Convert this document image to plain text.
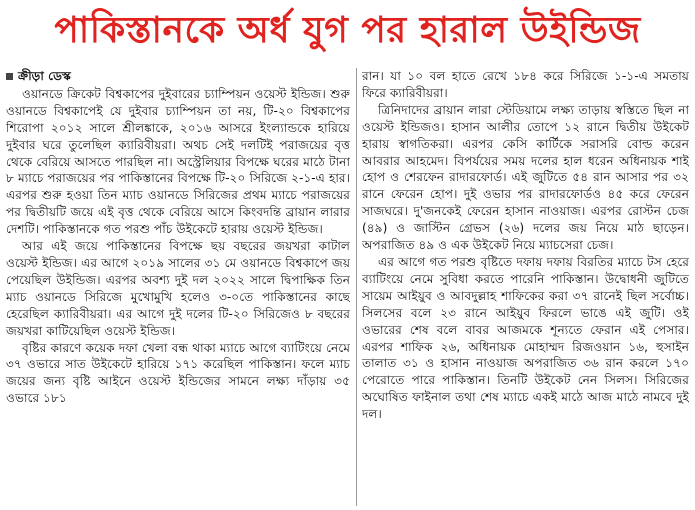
পাকিস্তানকে অর্ধ যুগ পর হারাল উইন্ডিজ
ক্রীড়া ডেস্ক

ওয়ানডে ক্রিকেট বিশ্বকাপের দুইবারের চ্যাম্পিয়ন ওয়েস্ট ইন্ডিজ। শুরু ওয়ানডে বিশ্বকাপেই যে দুইবার চ্যাম্পিয়ন তা নয়, টি-২০ বিশ্বকাপের শিরোপা ২০১২ সালে শ্রীলঙ্কাকে, ২০১৬ আসরে ইংল্যান্ডকে হারিয়ে দুইবার ঘরে তুলেছিল ক্যারিবীয়রা। অথচ সেই দলটিই পরাজয়ের বৃত্ত থেকে বেরিয়ে আসতে পারছিল না। অস্ট্রেলিয়ার বিপক্ষে ঘরের মাঠে টানা ৮ ম্যাচে পরাজয়ের পর পাকিস্তানের বিপক্ষে টি-২০ সিরিজে ২-১-এ হার। এরপর শুরু হওয়া তিন ম্যাচ ওয়ানডে সিরিজের প্রথম ম্যাচে পরাজয়ের পর দ্বিতীয়টি জয়ে এই বৃত্ত থেকে বেরিয়ে আসে কিংবদন্তি ব্রায়ান লারার দেশটি। পাকিস্তানকে গত পরশু পাঁচ উইকেটে হারায় ওয়েস্ট ইন্ডিজ।

আর এই জয়ে পাকিস্তানের বিপক্ষে ছয় বছরের জয়খরা কাটাল ওয়েস্ট ইন্ডিজ। এর আগে ২০১৯ সালের ৩১ মে ওয়ানডে বিশ্বকাপে জয় পেয়েছিল উইন্ডিজ। এরপর অবশ্য দুই দল ২০২২ সালে দ্বিপাক্ষিক তিন ম্যাচ ওয়ানডে সিরিজে মুখোমুখি হলেও ৩-০তে পাকিস্তানের কাছে হেরেছিল ক্যারিবীয়রা। এর আগে দুই দলের টি-২০ সিরিজেও ৮ বছরের জয়খরা কাটিয়েছিল ওয়েস্ট ইন্ডিজ।

বৃষ্টির কারণে কয়েক দফা খেলা বন্ধ থাকা ম্যাচে আগে ব্যাটিংয়ে নেমে ৩৭ ওভারে সাত উইকেটে হারিয়ে ১৭১ করেছিল পাকিস্তান। ফলে ম্যাচ জয়ের জন্য বৃষ্টি আইনে ওয়েস্ট ইন্ডিজের সামনে লক্ষ্য দাঁড়ায় ৩৫ ওভারে ১৮১

রান। যা ১০ বল হাতে রেখে ১৮৪ করে সিরিজে ১-১-এ সমতায় ফিরে ক্যারিবীয়রা।

ত্রিনিদাদের ব্রায়ান লারা স্টেডিয়ামে লক্ষ্য তাড়ায় স্বস্তিতে ছিল না ওয়েস্ট ইন্ডিজও। হাসান আলীর তোপে ১২ রানে দ্বিতীয় উইকেট হারায় স্বাগতিকরা। এরপর কেসি কার্টিকে সরাসরি বোল্ড করেন আবরার আহমেদ। বিপর্যয়ের সময় দলের হাল ধরেন অধিনায়ক শাই হোপ ও শেরফেন রাদারফোর্ড। এই জুটিতে ৫৪ রান আসার পর ৩২ রানে ফেরেন হোপ। দুই ওভার পর রাদারফোর্ডও ৪৫ করে ফেরেন সাজঘরে। দু'জনকেই ফেরেন হাসান নাওয়াজ। এরপর রোস্টন চেজ (৪৯) ও জাস্টিন গ্রেভস (২৬) দলের জয় নিয়ে মাঠ ছাড়েন। অপরাজিত ৪৯ ও এক উইকেট নিয়ে ম্যাচসেরা চেজ।

এর আগে গত পরশু বৃষ্টিতে দফায় দফায় বিরতির ম্যাচে টস হেরে ব্যাটিংয়ে নেমে সুবিধা করতে পারেনি পাকিস্তান। উদ্বোধনী জুটিতে সায়েম আইয়ুব ও আবদুল্লাহ শাফিকের করা ৩৭ রানেই ছিল সর্বোচ্চ। সিলসের বলে ২৩ রানে আইয়ুব ফিরলে ভাঙে এই জুটি। ওই ওভারের শেষ বলে বাবর আজমকে শূন্যতে ফেরান এই পেসার। এরপর শাফিক ২৬, অধিনায়ক মোহাম্মদ রিজওয়ান ১৬, হুসাইন তালাত ৩১ ও হাসান নাওয়াজ অপরাজিত ৩৬ রান করলে ১৭০ পেরোতে পারে পাকিস্তান। তিনটি উইকেট নেন সিলস। সিরিজের অঘোষিত ফাইনাল তথা শেষ ম্যাচে একই মাঠে আজ মাঠে নামবে দুই দল।
